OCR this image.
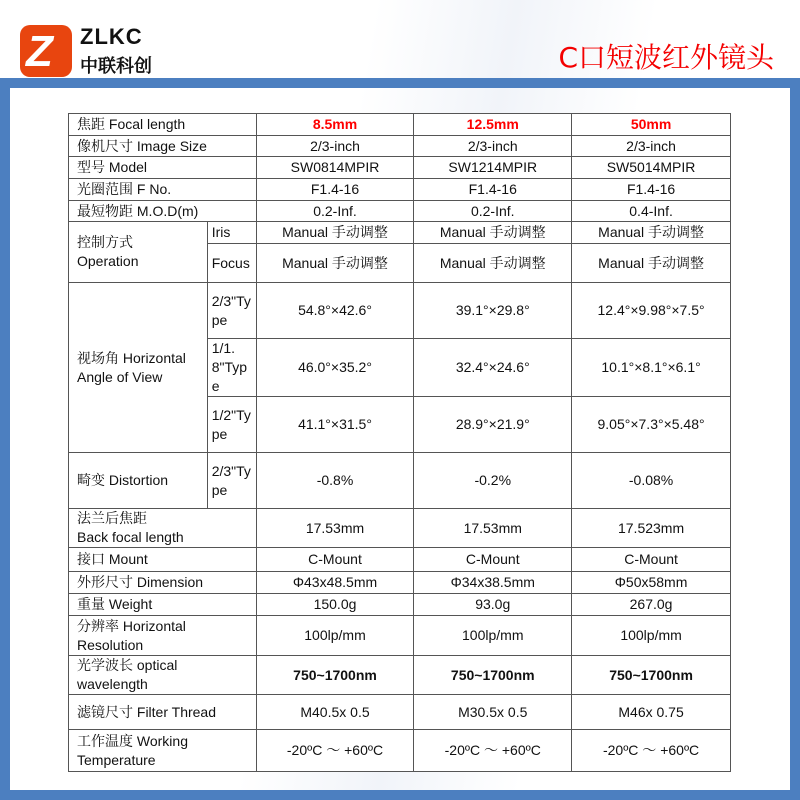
Z ZLKC
中联科创	C口短波红外镜头
焦距 Focal length		8.5mm	12.5mm	50mm
像机尺寸 Image Size		2/3-inch	2/3-inch	2/3-inch
型号 Model		SW0814MPIR	SW1214MPIR	SW5014MPIR
光圈范围 F No.		F1.4-16	F1.4-16	F1.4-16
最短物距 M.O.D(m)		0.2-Inf.	0.2-Inf.	0.4-Inf.
控制方式
Operation	Iris	Manual 手动调整	Manual 手动调整	Manual 手动调整
	Focus	Manual 手动调整	Manual 手动调整	Manual 手动调整
视场角 Horizontal Angle of View	2/3"Type	54.8°×42.6°	39.1°×29.8°	12.4°×9.98°×7.5°
	1/1.8"Type	46.0°×35.2°	32.4°×24.6°	10.1°×8.1°×6.1°
	1/2"Type	41.1°×31.5°	28.9°×21.9°	9.05°×7.3°×5.48°
畸变 Distortion	2/3"Type	-0.8%	-0.2%	-0.08%
法兰后焦距
Back focal length		17.53mm	17.53mm	17.523mm
接口 Mount		C-Mount	C-Mount	C-Mount
外形尺寸 Dimension		Φ43x48.5mm	Φ34x38.5mm	Φ50x58mm
重量 Weight		150.0g	93.0g	267.0g
分辨率 Horizontal Resolution		100lp/mm	100lp/mm	100lp/mm
光学波长 optical wavelength		750~1700nm	750~1700nm	750~1700nm
滤镜尺寸 Filter Thread		M40.5x 0.5	M30.5x 0.5	M46x 0.75
工作温度 Working Temperature		-20ºC ～ +60ºC	-20ºC ～ +60ºC	-20ºC ～ +60ºC
